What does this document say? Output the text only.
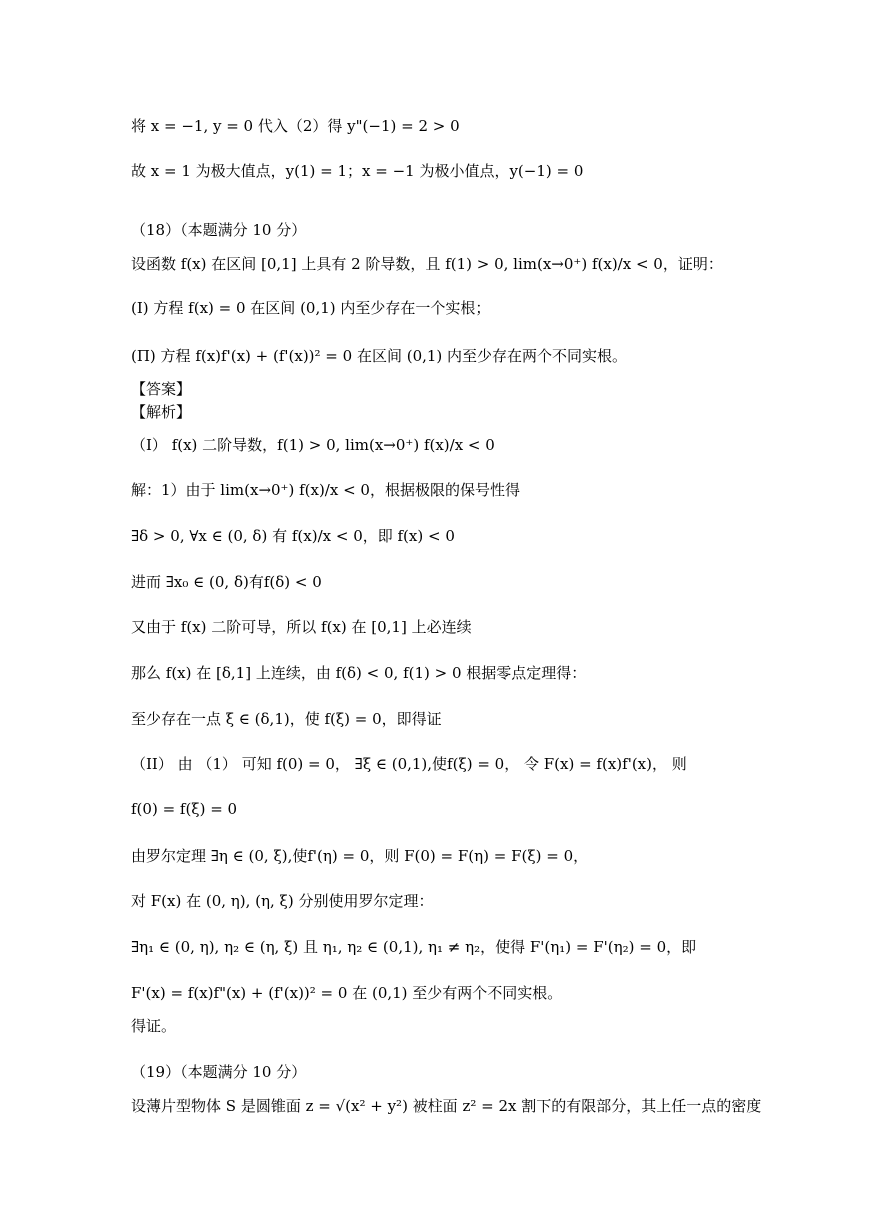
将 x = −1, y = 0 代入（2）得 y"(−1) = 2 > 0
故 x = 1 为极大值点，y(1) = 1；x = −1 为极小值点，y(−1) = 0
（18）（本题满分 10 分）
设函数 f(x) 在区间 [0,1] 上具有 2 阶导数，且 f(1) > 0, lim(x→0⁺) f(x)/x < 0，证明：
(I) 方程 f(x) = 0 在区间 (0,1) 内至少存在一个实根；
(Π) 方程 f(x)f'(x) + (f'(x))² = 0 在区间 (0,1) 内至少存在两个不同实根。
【答案】
【解析】
（I） f(x) 二阶导数，f(1) > 0, lim(x→0⁺) f(x)/x < 0
解：1）由于 lim(x→0⁺) f(x)/x < 0，根据极限的保号性得
∃δ > 0, ∀x ∈ (0, δ) 有 f(x)/x < 0，即 f(x) < 0
进而 ∃x₀ ∈ (0, δ)有f(δ) < 0
又由于 f(x) 二阶可导，所以 f(x) 在 [0,1] 上必连续
那么 f(x) 在 [δ,1] 上连续，由 f(δ) < 0, f(1) > 0 根据零点定理得：
至少存在一点 ξ ∈ (δ,1)，使 f(ξ) = 0，即得证
（II） 由 （1） 可知 f(0) = 0， ∃ξ ∈ (0,1),使f(ξ) = 0， 令 F(x) = f(x)f'(x)， 则
f(0) = f(ξ) = 0
由罗尔定理 ∃η ∈ (0, ξ),使f'(η) = 0，则 F(0) = F(η) = F(ξ) = 0，
对 F(x) 在 (0, η), (η, ξ) 分别使用罗尔定理：
∃η₁ ∈ (0, η), η₂ ∈ (η, ξ) 且 η₁, η₂ ∈ (0,1), η₁ ≠ η₂，使得 F'(η₁) = F'(η₂) = 0，即
F'(x) = f(x)f"(x) + (f'(x))² = 0 在 (0,1) 至少有两个不同实根。
得证。
（19）（本题满分 10 分）
设薄片型物体 S 是圆锥面 z = √(x² + y²) 被柱面 z² = 2x 割下的有限部分，其上任一点的密度
